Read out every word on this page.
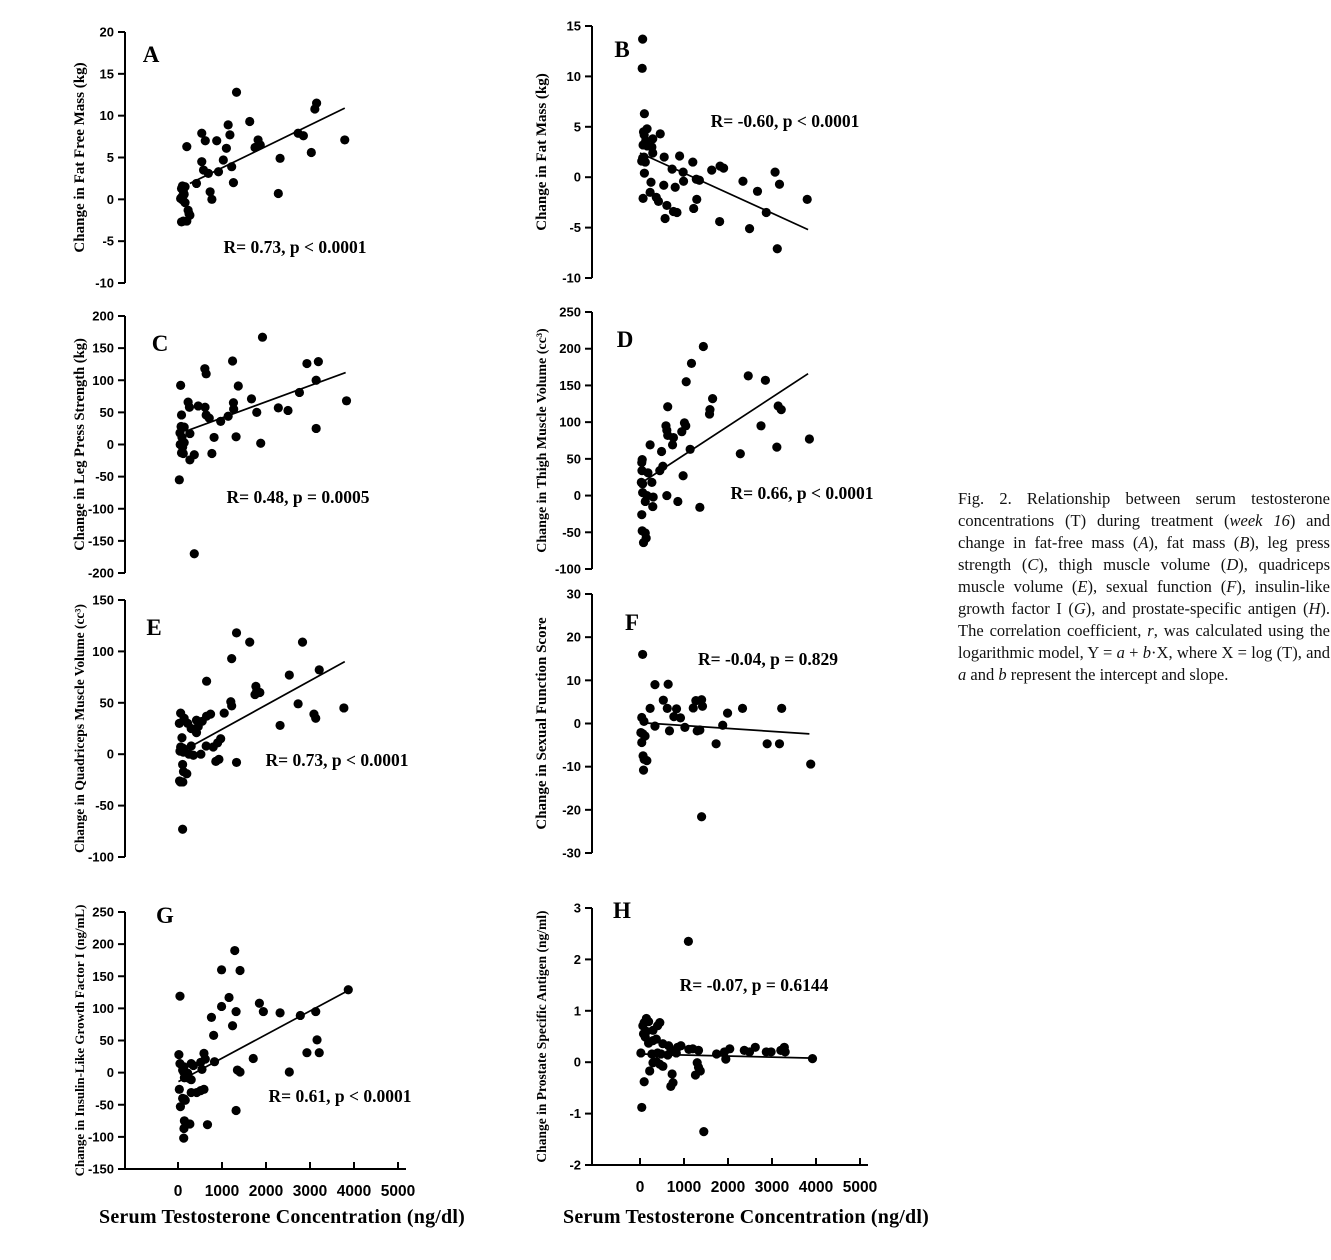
20
15
10
5
0
-5
-10
A
R= 0.73, p < 0.0001
Change in Fat Free Mass (kg)
15
10
5
0
-5
-10
B
R= -0.60, p < 0.0001
Change in Fat Mass (kg)
200
150
100
50
0
-50
-100
-150
-200
C
R= 0.48, p = 0.0005
Change in Leg Press Strength (kg)
250
200
150
100
50
0
-50
-100
D
R= 0.66, p < 0.0001
Change in Thigh Muscle Volume (cc³)
150
100
50
0
-50
-100
E
R= 0.73, p < 0.0001
Change in Quadriceps Muscle Volume (cc³)
30
20
10
0
-10
-20
-30
F
R= -0.04, p = 0.829
Change in Sexual Function Score
250
200
150
100
50
0
-50
-100
-150
0 1000 2000 3000 4000 5000
G
R= 0.61, p < 0.0001
Change in Insulin-Like Growth Factor I (ng/mL)	3
2
1
0
-1
-2
0 1000 2000 3000 4000 5000
H
R= -0.07, p = 0.6144
Change in Prostate Specific Antigen (ng/ml)
Serum Testosterone Concentration (ng/dl)	Serum Testosterone Concentration (ng/dl)
Fig. 2. Relationship between serum testosterone concentrations (T) during treatment (week 16) and change in fat-free mass (A), fat mass (B), leg press strength (C), thigh muscle volume (D), quadriceps muscle volume (E), sexual function (F), insulin-like growth factor I (G), and prostate-specific antigen (H). The correlation coefficient, r, was calculated using the logarithmic model, Y = a + b·X, where X = log (T), and a and b represent the intercept and slope.
